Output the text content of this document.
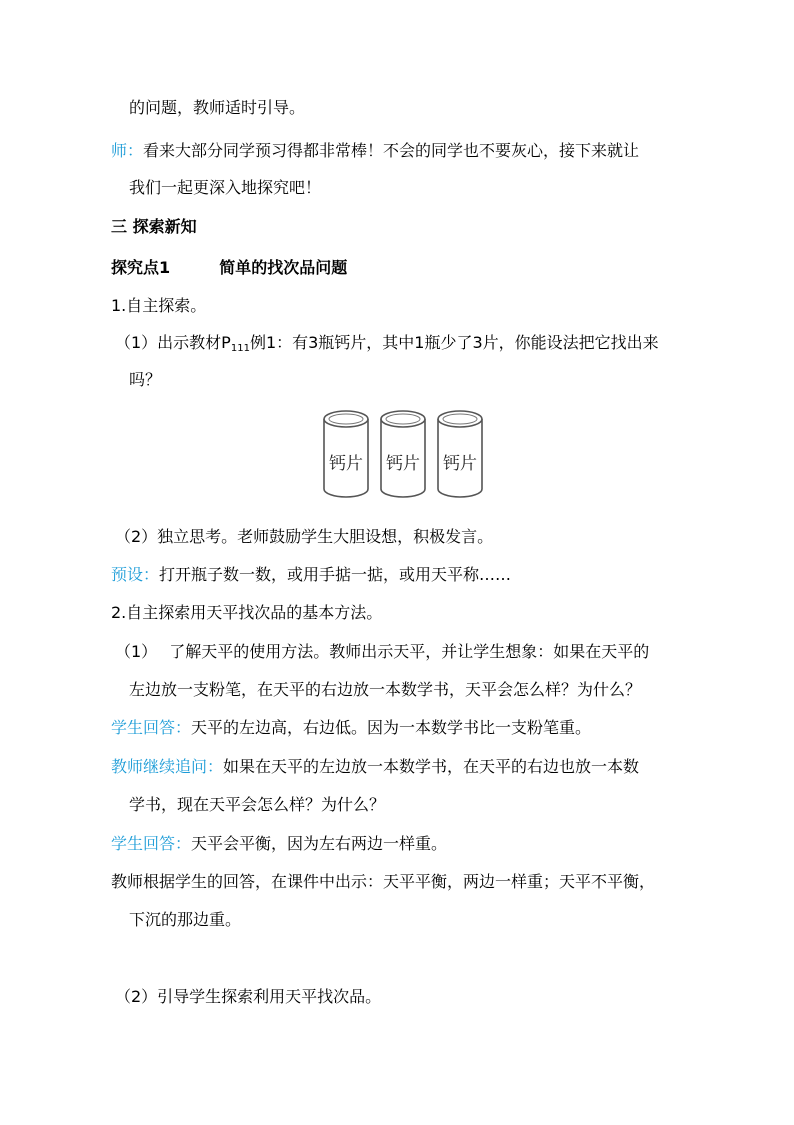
的问题，教师适时引导。
师：看来大部分同学预习得都非常棒！不会的同学也不要灰心，接下来就让
我们一起更深入地探究吧！
三 探索新知
探究点1	简单的找次品问题
1.自主探索。
（1）出示教材$P_{111}$例1：有3瓶钙片，其中1瓶少了3片，你能设法把它找出来
吗？
钙片 钙片 钙片
（2）独立思考。老师鼓励学生大胆设想，积极发言。
预设：打开瓶子数一数，或用手掂一掂，或用天平称……
2.自主探索用天平找次品的基本方法。
（1） 了解天平的使用方法。教师出示天平，并让学生想象：如果在天平的
左边放一支粉笔，在天平的右边放一本数学书，天平会怎么样？为什么？
学生回答：天平的左边高，右边低。因为一本数学书比一支粉笔重。
教师继续追问：如果在天平的左边放一本数学书，在天平的右边也放一本数
学书，现在天平会怎么样？为什么？
学生回答：天平会平衡，因为左右两边一样重。
教师根据学生的回答，在课件中出示：天平平衡，两边一样重；天平不平衡，
下沉的那边重。
（2）引导学生探索利用天平找次品。
